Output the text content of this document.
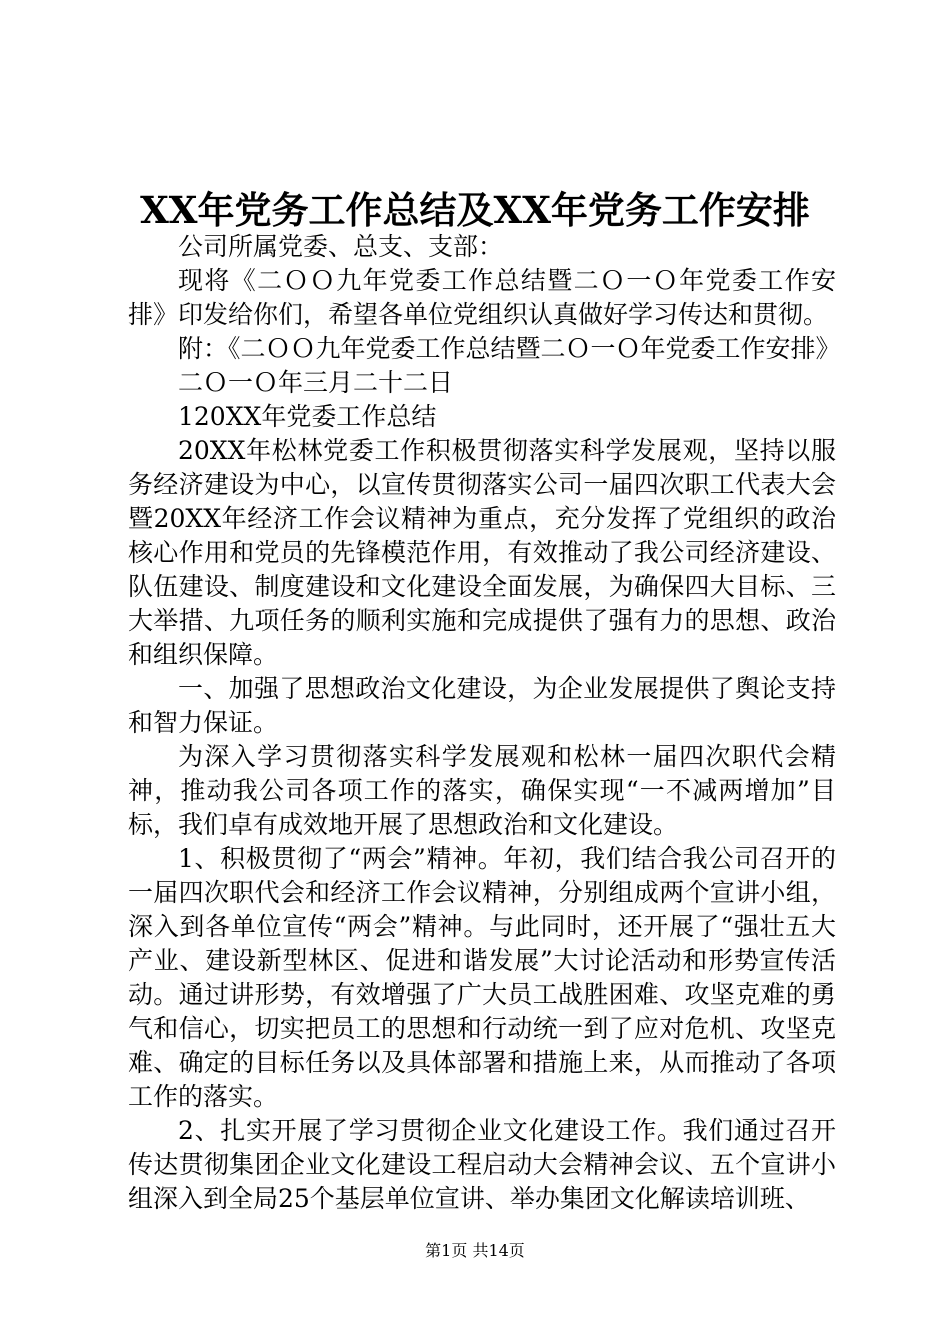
XX年党务工作总结及XX年党务工作安排

公司所属党委、总支、支部：

现将《二ＯＯ九年党委工作总结暨二Ｏ一Ｏ年党委工作安排》印发给你们，希望各单位党组织认真做好学习传达和贯彻。

附：《二ＯＯ九年党委工作总结暨二Ｏ一Ｏ年党委工作安排》

二Ｏ一Ｏ年三月二十二日

120XX年党委工作总结

20XX年松林党委工作积极贯彻落实科学发展观，坚持以服务经济建设为中心，以宣传贯彻落实公司一届四次职工代表大会暨20XX年经济工作会议精神为重点，充分发挥了党组织的政治核心作用和党员的先锋模范作用，有效推动了我公司经济建设、队伍建设、制度建设和文化建设全面发展，为确保四大目标、三大举措、九项任务的顺利实施和完成提供了强有力的思想、政治和组织保障。

一、加强了思想政治文化建设，为企业发展提供了舆论支持和智力保证。

为深入学习贯彻落实科学发展观和松林一届四次职代会精神，推动我公司各项工作的落实，确保实现“一不减两增加”目标，我们卓有成效地开展了思想政治和文化建设。

1、积极贯彻了“两会”精神。年初，我们结合我公司召开的一届四次职代会和经济工作会议精神，分别组成两个宣讲小组，深入到各单位宣传“两会”精神。与此同时，还开展了“强壮五大产业、建设新型林区、促进和谐发展”大讨论活动和形势宣传活动。通过讲形势，有效增强了广大员工战胜困难、攻坚克难的勇气和信心，切实把员工的思想和行动统一到了应对危机、攻坚克难、确定的目标任务以及具体部署和措施上来，从而推动了各项工作的落实。

2、扎实开展了学习贯彻企业文化建设工作。我们通过召开传达贯彻集团企业文化建设工程启动大会精神会议、五个宣讲小组深入到全局25个基层单位宣讲、举办集团文化解读培训班、

第1页 共14页
